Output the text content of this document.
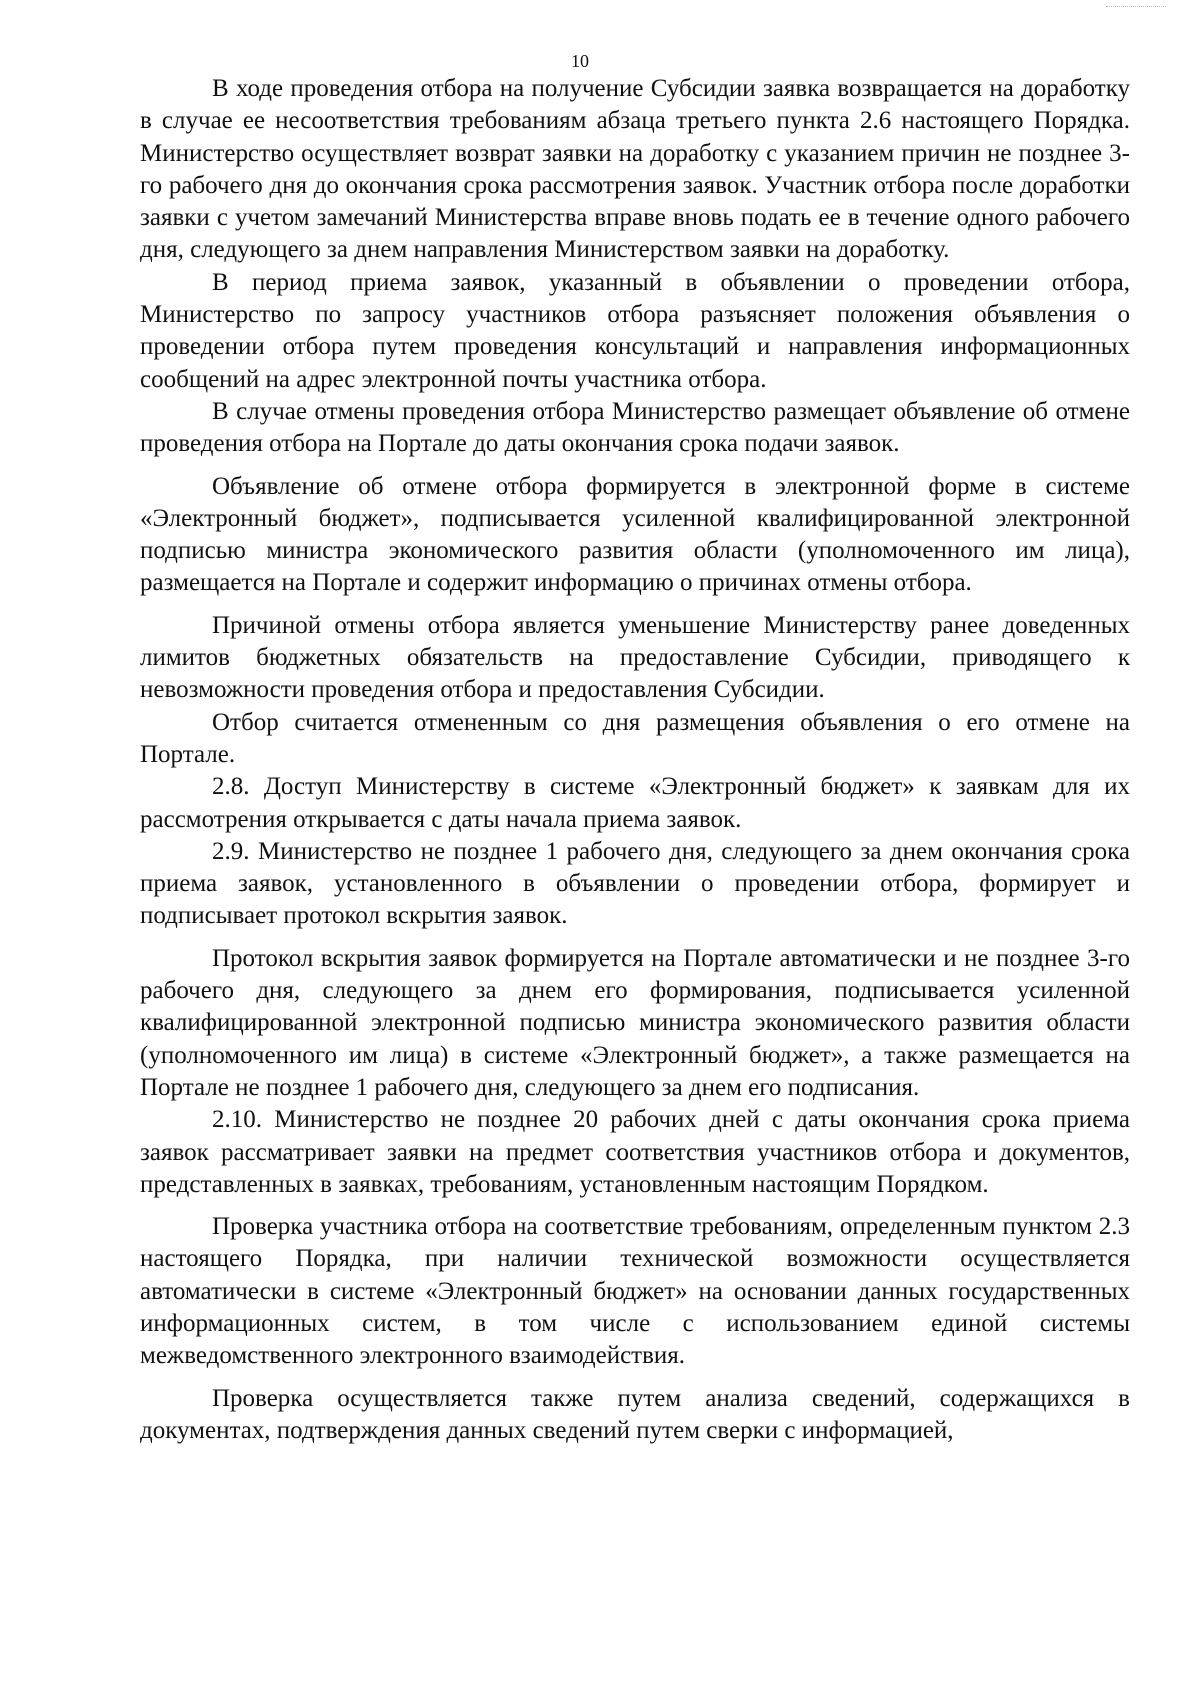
10

В ходе проведения отбора на получение Субсидии заявка возвращается на доработку в случае ее несоответствия требованиям абзаца третьего пункта 2.6 настоящего Порядка. Министерство осуществляет возврат заявки на доработку с указанием причин не позднее 3-го рабочего дня до окончания срока рассмотрения заявок. Участник отбора после доработки заявки с учетом замечаний Министерства вправе вновь подать ее в течение одного рабочего дня, следующего за днем направления Министерством заявки на доработку.

В период приема заявок, указанный в объявлении о проведении отбора, Министерство по запросу участников отбора разъясняет положения объявления о проведении отбора путем проведения консультаций и направления информационных сообщений на адрес электронной почты участника отбора.

В случае отмены проведения отбора Министерство размещает объявление об отмене проведения отбора на Портале до даты окончания срока подачи заявок.

Объявление об отмене отбора формируется в электронной форме в системе «Электронный бюджет», подписывается усиленной квалифицированной электронной подписью министра экономического развития области (уполномоченного им лица), размещается на Портале и содержит информацию о причинах отмены отбора.

Причиной отмены отбора является уменьшение Министерству ранее доведенных лимитов бюджетных обязательств на предоставление Субсидии, приводящего к невозможности проведения отбора и предоставления Субсидии.

Отбор считается отмененным со дня размещения объявления о его отмене на Портале.

2.8. Доступ Министерству в системе «Электронный бюджет» к заявкам для их рассмотрения открывается с даты начала приема заявок.

2.9. Министерство не позднее 1 рабочего дня, следующего за днем окончания срока приема заявок, установленного в объявлении о проведении отбора, формирует и подписывает протокол вскрытия заявок.

Протокол вскрытия заявок формируется на Портале автоматически и не позднее 3-го рабочего дня, следующего за днем его формирования, подписывается усиленной квалифицированной электронной подписью министра экономического развития области (уполномоченного им лица) в системе «Электронный бюджет», а также размещается на Портале не позднее 1 рабочего дня, следующего за днем его подписания.

2.10. Министерство не позднее 20 рабочих дней с даты окончания срока приема заявок рассматривает заявки на предмет соответствия участников отбора и документов, представленных в заявках, требованиям, установленным настоящим Порядком.

Проверка участника отбора на соответствие требованиям, определенным пунктом 2.3 настоящего Порядка, при наличии технической возможности осуществляется автоматически в системе «Электронный бюджет» на основании данных государственных информационных систем, в том числе с использованием единой системы межведомственного электронного взаимодействия.

Проверка осуществляется также путем анализа сведений, содержащихся в документах, подтверждения данных сведений путем сверки с информацией,
